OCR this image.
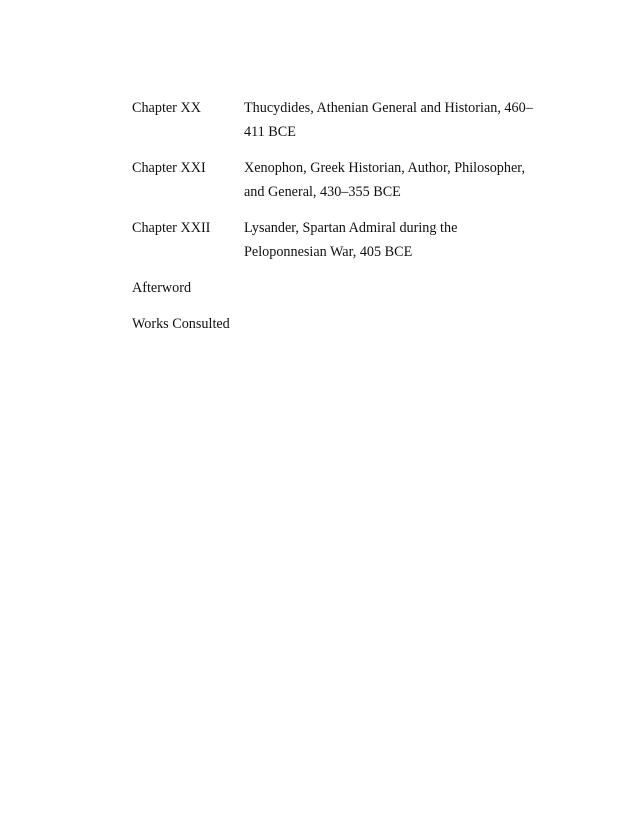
Chapter XX	Thucydides, Athenian General and Historian, 460–
411 BCE
Chapter XXI	Xenophon, Greek Historian, Author, Philosopher,
and General, 430–355 BCE
Chapter XXII Lysander, Spartan Admiral during the
Peloponnesian War, 405 BCE
Afterword
Works Consulted
